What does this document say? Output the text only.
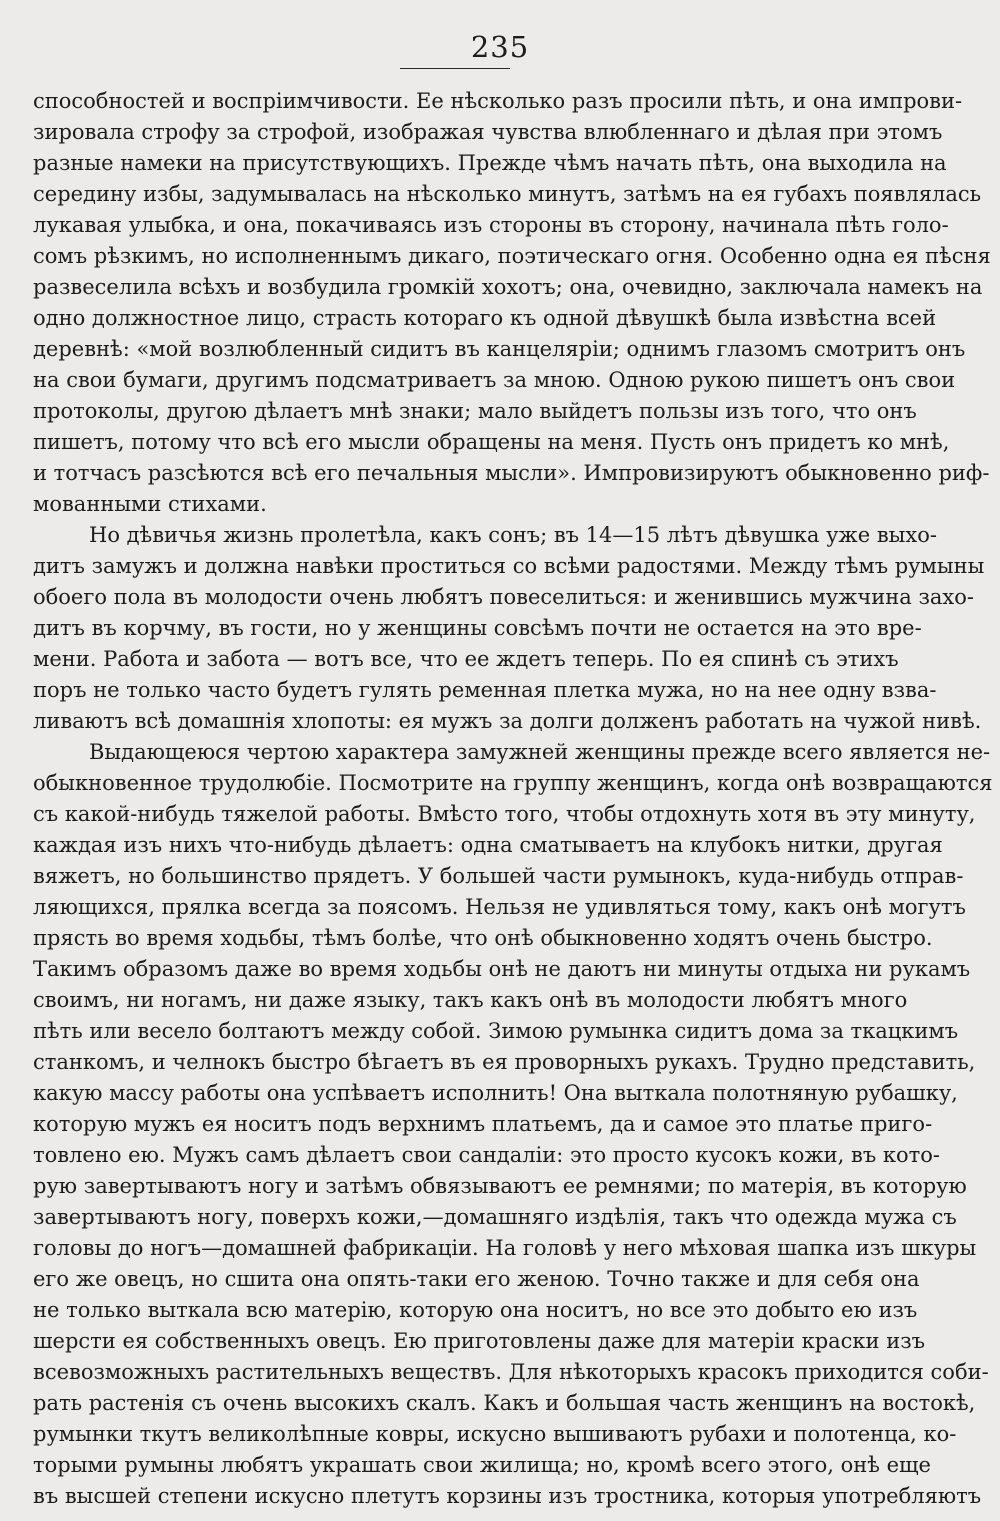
235
способностей и воспріимчивости. Ее нѣсколько разъ просили пѣть, и она импрови-
зировала строфу за строфой, изображая чувства влюбленнаго и дѣлая при этомъ
разные намеки на присутствующихъ. Прежде чѣмъ начать пѣть, она выходила на
середину избы, задумывалась на нѣсколько минутъ, затѣмъ на ея губахъ появлялась
лукавая улыбка, и она, покачиваясь изъ стороны въ сторону, начинала пѣть голо-
сомъ рѣзкимъ, но исполненнымъ дикаго, поэтическаго огня. Особенно одна ея пѣсня
развеселила всѣхъ и возбудила громкій хохотъ; она, очевидно, заключала намекъ на
одно должностное лицо, страсть котораго къ одной дѣвушкѣ была извѣстна всей
деревнѣ: «мой возлюбленный сидитъ въ канцеляріи; однимъ глазомъ смотритъ онъ
на свои бумаги, другимъ подсматриваетъ за мною. Одною рукою пишетъ онъ свои
протоколы, другою дѣлаетъ мнѣ знаки; мало выйдетъ пользы изъ того, что онъ
пишетъ, потому что всѣ его мысли обращены на меня. Пусть онъ придетъ ко мнѣ,
и тотчасъ разсѣются всѣ его печальныя мысли». Импровизируютъ обыкновенно риф-
мованными стихами.
Но дѣвичья жизнь пролетѣла, какъ сонъ; въ 14—15 лѣтъ дѣвушка уже выхо-
дитъ замужъ и должна навѣки проститься со всѣми радостями. Между тѣмъ румыны
обоего пола въ молодости очень любятъ повеселиться: и женившись мужчина захо-
дитъ въ корчму, въ гости, но у женщины совсѣмъ почти не остается на это вре-
мени. Работа и забота — вотъ все, что ее ждетъ теперь. По ея спинѣ съ этихъ
поръ не только часто будетъ гулять ременная плетка мужа, но на нее одну взва-
ливаютъ всѣ домашнія хлопоты: ея мужъ за долги долженъ работать на чужой нивѣ.
Выдающеюся чертою характера замужней женщины прежде всего является не-
обыкновенное трудолюбіе. Посмотрите на группу женщинъ, когда онѣ возвращаются
съ какой-нибудь тяжелой работы. Вмѣсто того, чтобы отдохнуть хотя въ эту минуту,
каждая изъ нихъ что-нибудь дѣлаетъ: одна сматываетъ на клубокъ нитки, другая
вяжетъ, но большинство прядетъ. У большей части румынокъ, куда-нибудь отправ-
ляющихся, прялка всегда за поясомъ. Нельзя не удивляться тому, какъ онѣ могутъ
прясть во время ходьбы, тѣмъ болѣе, что онѣ обыкновенно ходятъ очень быстро.
Такимъ образомъ даже во время ходьбы онѣ не даютъ ни минуты отдыха ни рукамъ
своимъ, ни ногамъ, ни даже языку, такъ какъ онѣ въ молодости любятъ много
пѣть или весело болтаютъ между собой. Зимою румынка сидитъ дома за ткацкимъ
станкомъ, и челнокъ быстро бѣгаетъ въ ея проворныхъ рукахъ. Трудно представить,
какую массу работы она успѣваетъ исполнить! Она выткала полотняную рубашку,
которую мужъ ея носитъ подъ верхнимъ платьемъ, да и самое это платье приго-
товлено ею. Мужъ самъ дѣлаетъ свои сандаліи: это просто кусокъ кожи, въ кото-
рую завертываютъ ногу и затѣмъ обвязываютъ ее ремнями; по матерія, въ которую
завертываютъ ногу, поверхъ кожи,—домашняго издѣлія, такъ что одежда мужа съ
головы до ногъ—домашней фабрикаціи. На головѣ у него мѣховая шапка изъ шкуры
его же овецъ, но сшита она опять-таки его женою. Точно также и для себя она
не только выткала всю матерію, которую она носитъ, но все это добыто ею изъ
шерсти ея собственныхъ овецъ. Ею приготовлены даже для матеріи краски изъ
всевозможныхъ растительныхъ веществъ. Для нѣкоторыхъ красокъ приходится соби-
рать растенія съ очень высокихъ скалъ. Какъ и большая часть женщинъ на востокѣ,
румынки ткутъ великолѣпные ковры, искусно вышиваютъ рубахи и полотенца, ко-
торыми румыны любятъ украшать свои жилища; но, кромѣ всего этого, онѣ еще
въ высшей степени искусно плетутъ корзины изъ тростника, которыя употребляютъ
